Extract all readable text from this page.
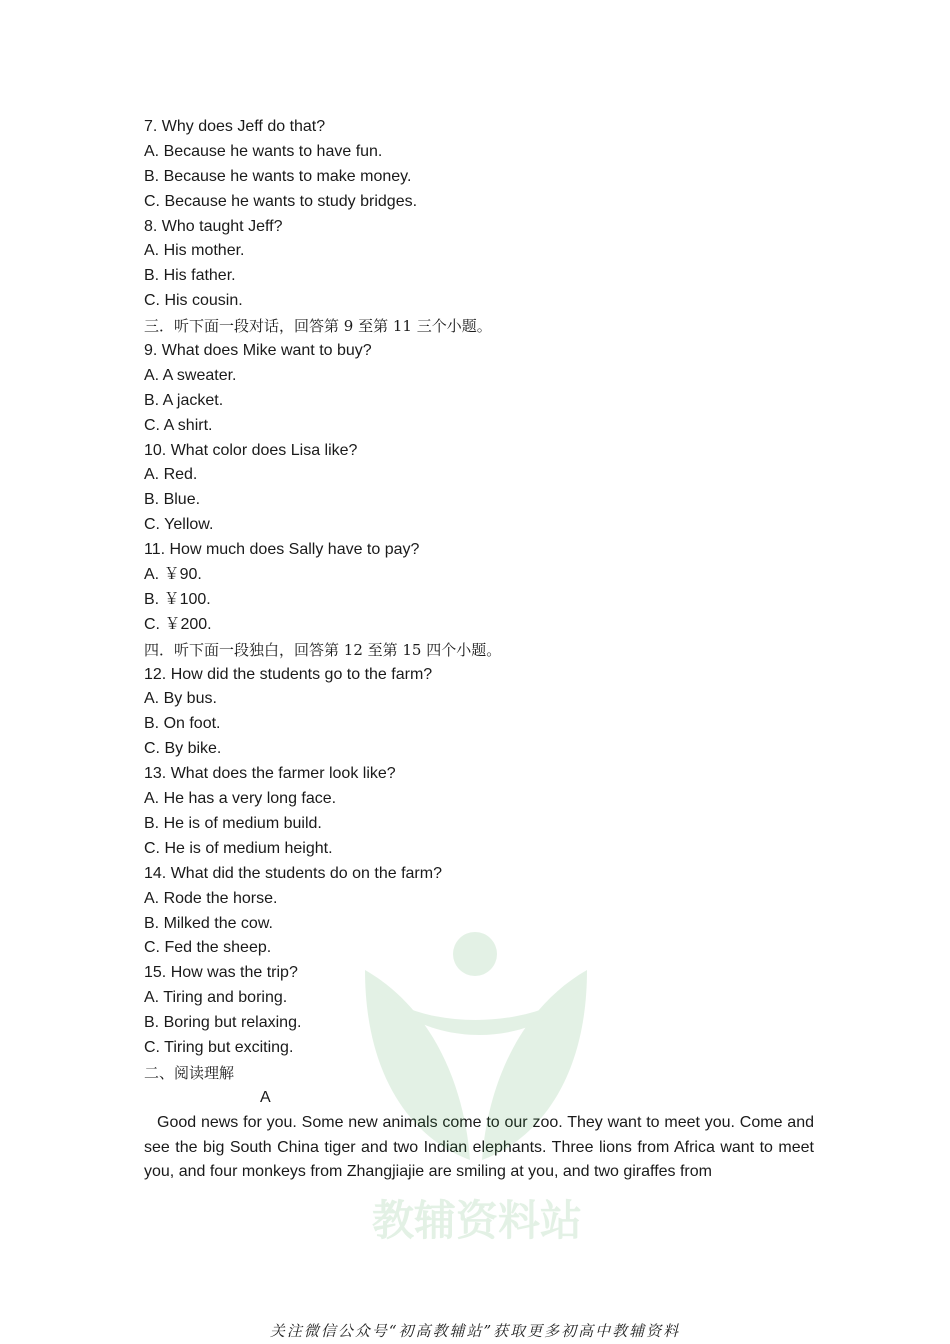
7. Why does Jeff do that?
A. Because he wants to have fun.
B. Because he wants to make money.
C. Because he wants to study bridges.
8. Who taught Jeff?
A. His mother.
B. His father.
C. His cousin.
三．听下面一段对话，回答第 9 至第 11 三个小题。
9. What does Mike want to buy?
A. A sweater.
B. A jacket.
C. A shirt.
10. What color does Lisa like?
A. Red.
B. Blue.
C. Yellow.
11. How much does Sally have to pay?
A. ￥90.
B. ￥100.
C. ￥200.
四．听下面一段独白，回答第 12 至第 15 四个小题。
12. How did the students go to the farm?
A. By bus.
B. On foot.
C. By bike.
13. What does the farmer look like?
A. He has a very long face.
B. He is of medium build.
C. He is of medium height.
14. What did the students do on the farm?
A. Rode the horse.
B. Milked the cow.
C. Fed the sheep.
15. How was the trip?
A. Tiring and boring.
B. Boring but relaxing.
C. Tiring but exciting.
二、阅读理解
A

Good news for you. Some new animals come to our zoo. They want to meet you. Come and see the big South China tiger and two Indian elephants. Three lions from Africa want to meet you, and four monkeys from Zhangjiajie are smiling at you, and two giraffes from

教辅资料站
关注微信公众号“初高教辅站”获取更多初高中教辅资料
